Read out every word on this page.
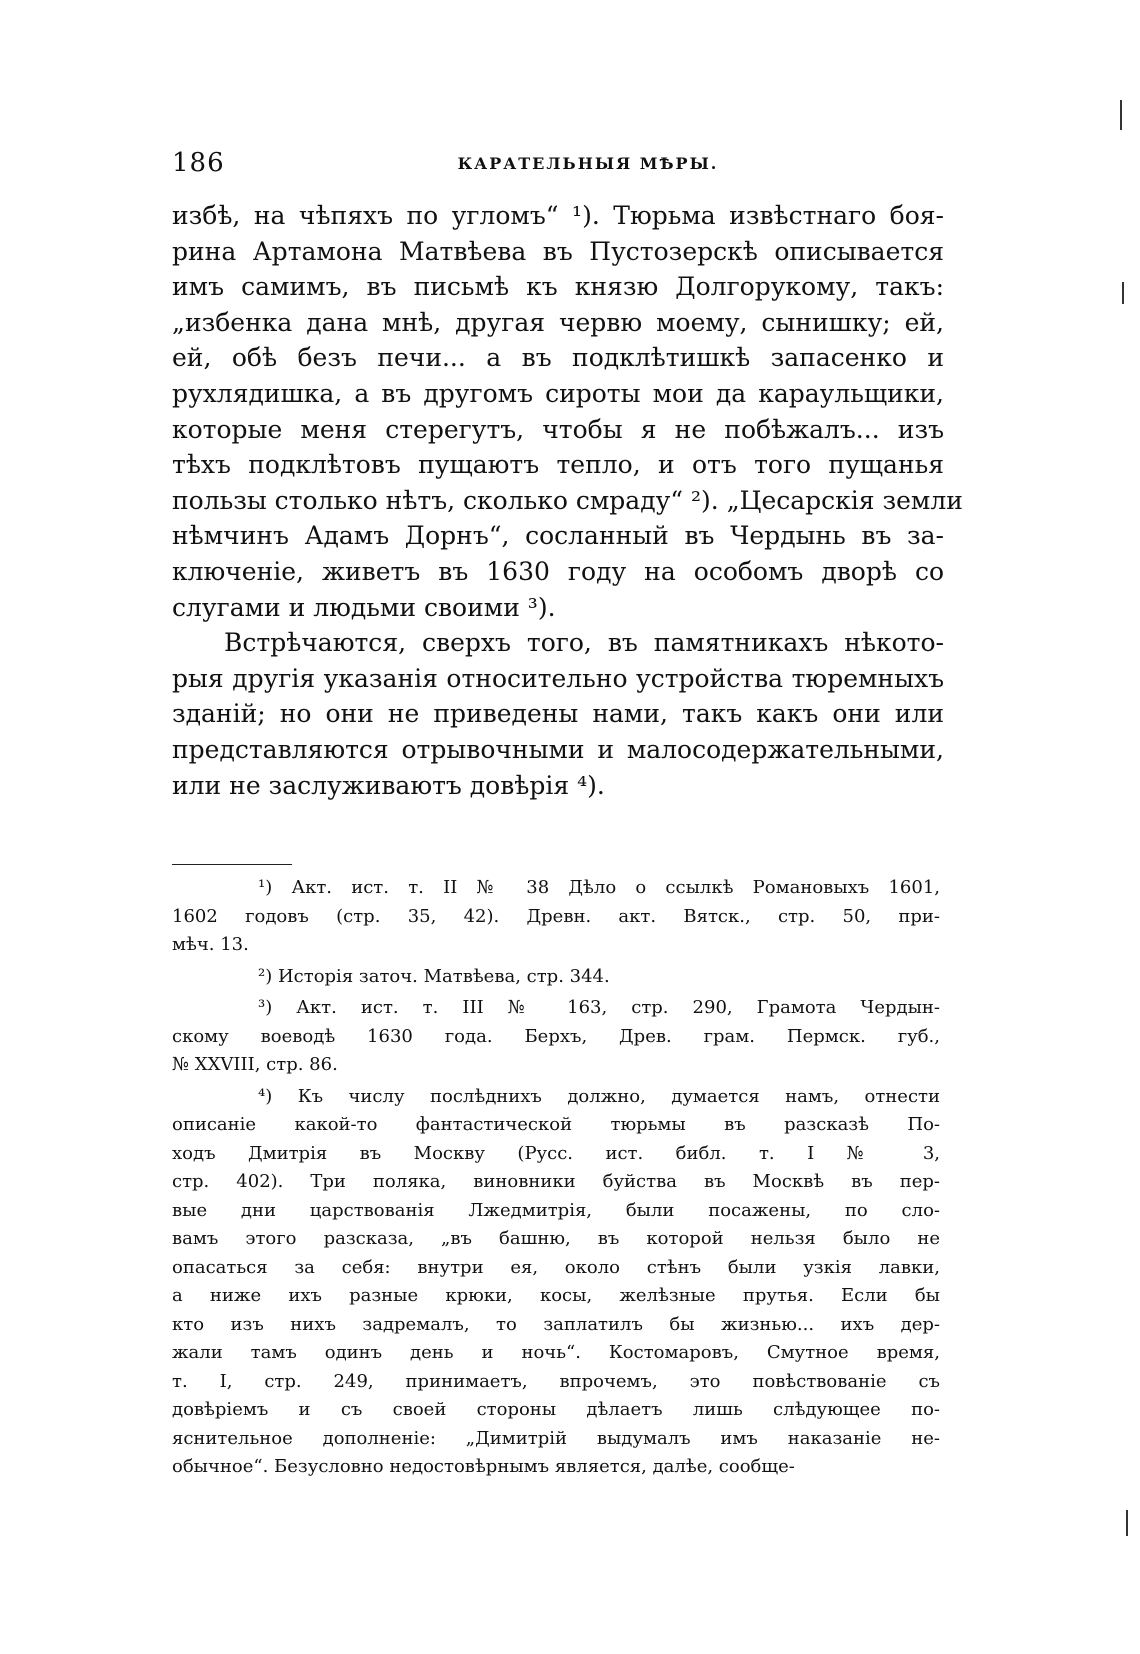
186	КАРАТЕЛЬНЫЯ МѢРЫ.

избѣ, на чѣпяхъ по угломъ“ ¹). Тюрьма извѣстнаго боя-
рина Артамона Матвѣева въ Пустозерскѣ описывается
имъ самимъ, въ письмѣ къ князю Долгорукому, такъ:
„избенка дана мнѣ, другая червю моему, сынишку; ей,
ей, обѣ безъ печи... а въ подклѣтишкѣ запасенко и
рухлядишка, а въ другомъ сироты мои да караульщики,
которые меня стерегутъ, чтобы я не побѣжалъ... изъ
тѣхъ подклѣтовъ пущаютъ тепло, и отъ того пущанья
пользы столько нѣтъ, сколько смраду“ ²). „Цесарскія земли
нѣмчинъ Адамъ Дорнъ“, сосланный въ Чердынь въ за-
ключеніе, живетъ въ 1630 году на особомъ дворѣ со
слугами и людьми своими ³).

Встрѣчаются, сверхъ того, въ памятникахъ нѣкото-
рыя другія указанія относительно устройства тюремныхъ
зданій; но они не приведены нами, такъ какъ они или
представляются отрывочными и малосодержательными,
или не заслуживаютъ довѣрія ⁴).

¹) Акт. ист. т. II № 38 Дѣло о ссылкѣ Романовыхъ 1601,
1602 годовъ (стр. 35, 42). Древн. акт. Вятск., стр. 50, при-
мѣч. 13.
²) Исторія заточ. Матвѣева, стр. 344.
³) Акт. ист. т. III № 163, стр. 290, Грамота Чердын-
скому воеводѣ 1630 года. Берхъ, Древ. грам. Пермск. губ.,
№ XXVIII, стр. 86.
⁴) Къ числу послѣднихъ должно, думается намъ, отнести
описаніе какой-то фантастической тюрьмы въ разсказѣ По-
ходъ Дмитрія въ Москву (Русс. ист. библ. т. I № 3,
стр. 402). Три поляка, виновники буйства въ Москвѣ въ пер-
вые дни царствованія Лжедмитрія, были посажены, по сло-
вамъ этого разсказа, „въ башню, въ которой нельзя было не
опасаться за себя: внутри ея, около стѣнъ были узкія лавки,
а ниже ихъ разные крюки, косы, желѣзные прутья. Если бы
кто изъ нихъ задремалъ, то заплатилъ бы жизнью... ихъ дер-
жали тамъ одинъ день и ночь“. Костомаровъ, Смутное время,
т. I, стр. 249, принимаетъ, впрочемъ, это повѣствованіе съ
довѣріемъ и съ своей стороны дѣлаетъ лишь слѣдующее по-
яснительное дополненіе: „Димитрій выдумалъ имъ наказаніе не-
обычное“. Безусловно недостовѣрнымъ является, далѣе, сообще-
